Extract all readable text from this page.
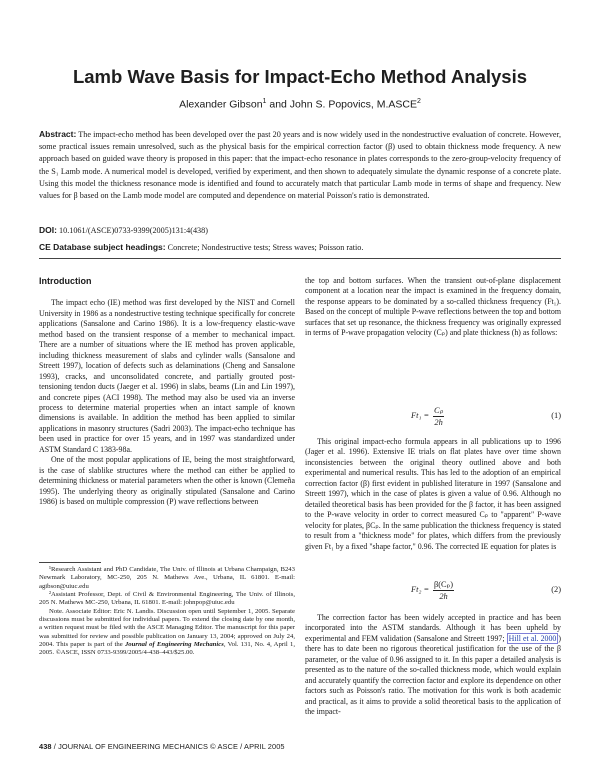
Lamb Wave Basis for Impact-Echo Method Analysis
Alexander Gibson$^1$ and John S. Popovics, M.ASCE$^2$
Abstract: The impact-echo method has been developed over the past 20 years and is now widely used in the nondestructive evaluation of concrete. However, some practical issues remain unresolved, such as the physical basis for the empirical correction factor (β) used to obtain thickness mode frequency. A new approach based on guided wave theory is proposed in this paper: that the impact-echo resonance in plates corresponds to the zero-group-velocity frequency of the S₁ Lamb mode. A numerical model is developed, verified by experiment, and then shown to adequately simulate the dynamic response of a concrete plate. Using this model the thickness resonance mode is identified and found to accurately match that particular Lamb mode in terms of shape and frequency. New values for β based on the Lamb mode model are computed and dependence on material Poisson's ratio is demonstrated.
DOI: 10.1061/(ASCE)0733-9399(2005)131:4(438)
CE Database subject headings: Concrete; Nondestructive tests; Stress waves; Poisson ratio.
Introduction

The impact echo (IE) method was first developed by the NIST and Cornell University in 1986 as a nondestructive testing technique specifically for concrete applications (Sansalone and Carino 1986). It is a low-frequency elastic-wave method based on the transient response of a member to mechanical impact. There are a number of situations where the IE method has proven applicable, including thickness measurement of slabs and cylinder walls (Sansalone and Streett 1997), location of defects such as delaminations (Cheng and Sansalone 1993), cracks, and unconsolidated concrete, and partially grouted post-tensioning tendon ducts (Jaeger et al. 1996) in slabs, beams (Lin and Lin 1997), and concrete pipes (ACI 1998). The method may also be used via an inverse process to determine material properties when an intact sample of known dimensions is available. In addition the method has been applied to similar applications in masonry structures (Sadri 2003). The impact-echo technique has been used in practice for over 15 years, and in 1997 was standardized under ASTM Standard C 1383-98a.

One of the most popular applications of IE, being the most straightforward, is the case of slablike structures where the method can either be applied to determining thickness or material parameters when the other is known (Clemeña 1995). The underlying theory as originally stipulated (Sansalone and Carino 1986) is based on multiple compression (P) wave reflections between

¹Research Assistant and PhD Candidate, The Univ. of Illinois at Urbana Champaign, B243 Newmark Laboratory, MC-250, 205 N. Mathews Ave., Urbana, IL 61801. E-mail: agibson@uiuc.edu

²Assistant Professor, Dept. of Civil & Environmental Engineering, The Univ. of Illinois, 205 N. Mathews MC-250, Urbana, IL 61801. E-mail: johnpop@uiuc.edu

Note. Associate Editor: Eric N. Landis. Discussion open until September 1, 2005. Separate discussions must be submitted for individual papers. To extend the closing date by one month, a written request must be filed with the ASCE Managing Editor. The manuscript for this paper was submitted for review and possible publication on January 13, 2004; approved on July 24, 2004. This paper is part of the Journal of Engineering Mechanics, Vol. 131, No. 4, April 1, 2005. ©ASCE, ISSN 0733-9399/2005/4-438–443/$25.00.

the top and bottom surfaces. When the transient out-of-plane displacement component at a location near the impact is examined in the frequency domain, the response appears to be dominated by a so-called thickness frequency (Ft₁). Based on the concept of multiple P-wave reflections between the top and bottom surfaces that set up resonance, the thickness frequency was originally expressed in terms of P-wave propagation velocity (Cₚ) and plate thickness (h) as follows:

$Ft_1 = \frac{\text{Cₚ}}{2h}$	(1)

This original impact-echo formula appears in all publications up to 1996 (Jager et al. 1996). Extensive IE trials on flat plates have over time shown inconsistencies between the original theory outlined above and both experimental and numerical results. This has led to the adoption of an empirical correction factor (β) first evident in published literature in 1997 (Sansalone and Streett 1997), which in the case of plates is given a value of 0.96. Although no detailed theoretical basis has been provided for the β factor, it has been assigned to the P-wave velocity in order to correct measured Cₚ to "apparent" P-wave velocity for plates, βCₚ. In the same publication the thickness frequency is stated to result from a "thickness mode" for plates, which differs from the previously given Ft₁ by a fixed "shape factor," 0.96. The corrected IE equation for plates is

$Ft_2 = \frac{\text{β(Cₚ)}}{2h}$	(2)

The correction factor has been widely accepted in practice and has been incorporated into the ASTM standards. Although it has been upheld by experimental and FEM validation (Sansalone and Streett 1997; Hill et al. 2000 ) there has to date been no rigorous theoretical justification for the use of the β parameter, or the value of 0.96 assigned to it. In this paper a detailed analysis is presented as to the nature of the so-called thickness mode, which would explain and accurately quantify the correction factor and explore its dependence on other factors such as Poisson's ratio. The motivation for this work is both academic and practical, as it aims to provide a solid theoretical basis to the application of the impact-

438 / JOURNAL OF ENGINEERING MECHANICS © ASCE / APRIL 2005
